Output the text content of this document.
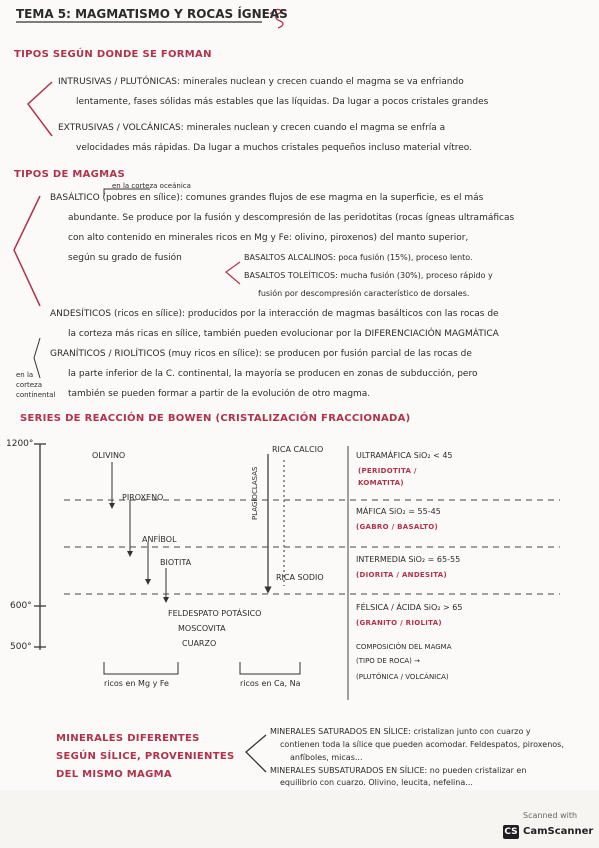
TEMA 5: MAGMATISMO Y ROCAS ÍGNEAS
TIPOS SEGÚN DONDE SE FORMAN
INTRUSIVAS / PLUTÓNICAS: minerales nuclean y crecen cuando el magma se va enfriando
lentamente, fases sólidas más estables que las líquidas. Da lugar a pocos cristales grandes
EXTRUSIVAS / VOLCÁNICAS: minerales nuclean y crecen cuando el magma se enfría a
velocidades más rápidas. Da lugar a muchos cristales pequeños incluso material vítreo.
TIPOS DE MAGMAS
en la corteza oceánica
BASÁLTICO (pobres en sílice): comunes grandes flujos de ese magma en la superficie, es el más
abundante. Se produce por la fusión y descompresión de las peridotitas (rocas ígneas ultramáficas
con alto contenido en minerales ricos en Mg y Fe: olivino, piroxenos) del manto superior,
según su grado de fusión	BASALTOS ALCALINOS: poca fusión (15%), proceso lento.
BASALTOS TOLEÍTICOS: mucha fusión (30%), proceso rápido y
fusión por descompresión característico de dorsales.
ANDESÍTICOS (ricos en sílice): producidos por la interacción de magmas basálticos con las rocas de
la corteza más ricas en sílice, también pueden evolucionar por la DIFERENCIACIÓN MAGMÁTICA
GRANÍTICOS / RIOLÍTICOS (muy ricos en sílice): se producen por fusión parcial de las rocas de
la parte inferior de la C. continental, la mayoría se producen en zonas de subducción, pero
también se pueden formar a partir de la evolución de otro magma.
en la
corteza
continental
SERIES DE REACCIÓN DE BOWEN (CRISTALIZACIÓN FRACCIONADA)
1200°
600°
500°
OLIVINO
PIROXENO
ANFÍBOL
BIOTITA
FELDESPATO POTÁSICO
MOSCOVITA
CUARZO
RICA CALCIO
PLAGIOCLASAS
RICA SODIO
ricos en Mg y Fe	ricos en Ca, Na
ULTRAMÁFICA SiO₂ < 45
(PERIDOTITA /
KOMATITA)
MÁFICA SiO₂ = 55-45
(GABRO / BASALTO)
INTERMEDIA SiO₂ = 65-55
(DIORITA / ANDESITA)
FÉLSICA / ÁCIDA SiO₂ > 65
(GRANITO / RIOLITA)
COMPOSICIÓN DEL MAGMA
(TIPO DE ROCA) →
(PLUTÓNICA / VOLCÁNICA)
MINERALES DIFERENTES
SEGÚN SÍLICE, PROVENIENTES
DEL MISMO MAGMA
MINERALES SATURADOS EN SÍLICE: cristalizan junto con cuarzo y
contienen toda la sílice que pueden acomodar. Feldespatos, piroxenos,
anfíboles, micas...
MINERALES SUBSATURADOS EN SÍLICE: no pueden cristalizar en
equilibrio con cuarzo. Olivino, leucita, nefelina...
CS
Scanned with
CamScanner
